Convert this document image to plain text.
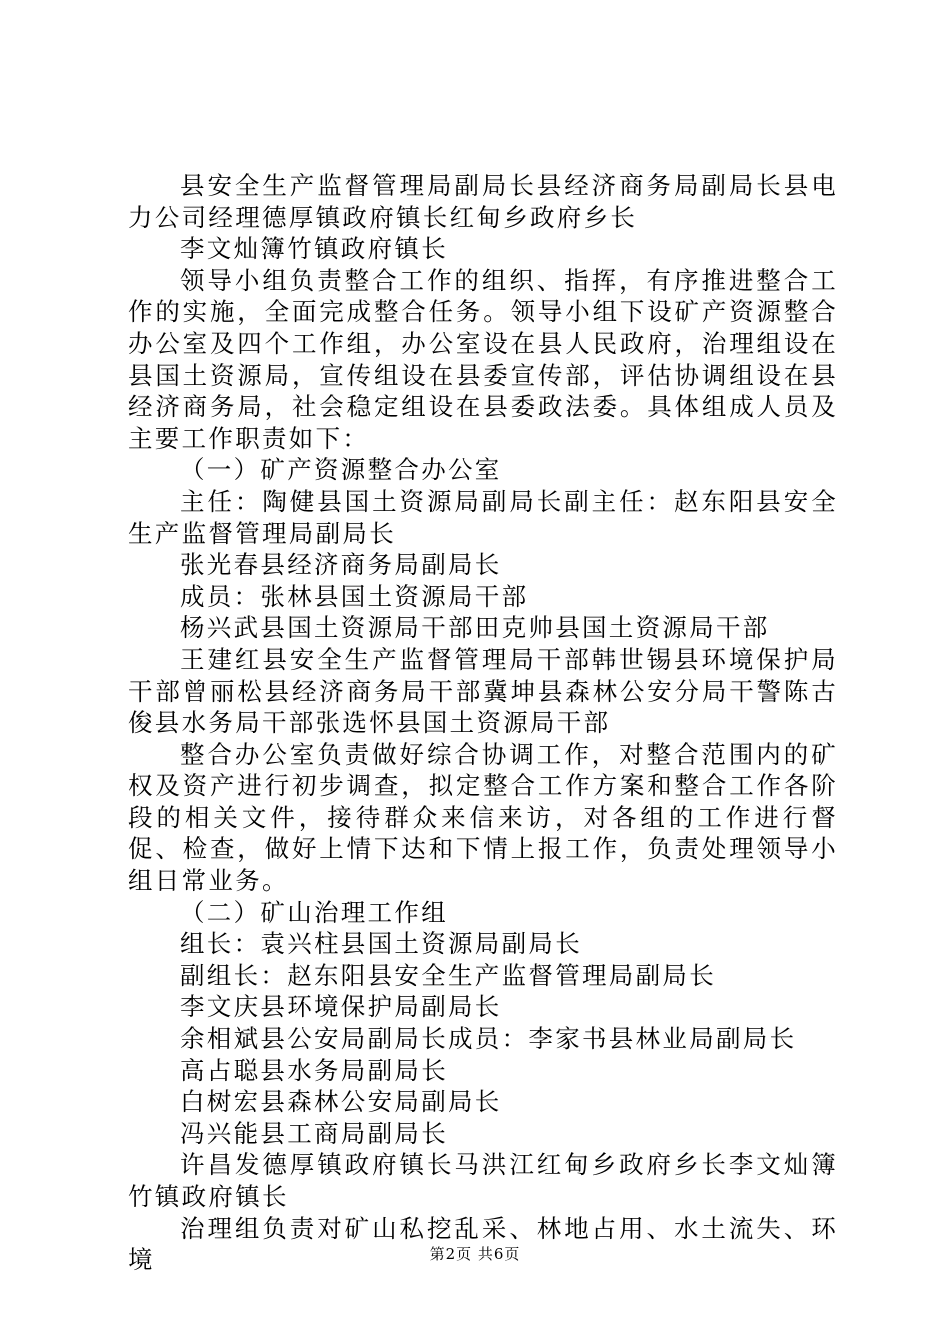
县安全生产监督管理局副局长县经济商务局副局长县电力公司经理德厚镇政府镇长红甸乡政府乡长

李文灿簿竹镇政府镇长

领导小组负责整合工作的组织、指挥，有序推进整合工作的实施，全面完成整合任务。领导小组下设矿产资源整合办公室及四个工作组，办公室设在县人民政府，治理组设在县国土资源局，宣传组设在县委宣传部，评估协调组设在县经济商务局，社会稳定组设在县委政法委。具体组成人员及主要工作职责如下：

（一）矿产资源整合办公室

主任：陶健县国土资源局副局长副主任：赵东阳县安全生产监督管理局副局长

张光春县经济商务局副局长

成员：张林县国土资源局干部

杨兴武县国土资源局干部田克帅县国土资源局干部

王建红县安全生产监督管理局干部韩世锡县环境保护局干部曾丽松县经济商务局干部冀坤县森林公安分局干警陈古俊县水务局干部张选怀县国土资源局干部

整合办公室负责做好综合协调工作，对整合范围内的矿权及资产进行初步调查，拟定整合工作方案和整合工作各阶段的相关文件，接待群众来信来访，对各组的工作进行督促、检查，做好上情下达和下情上报工作，负责处理领导小组日常业务。

（二）矿山治理工作组

组长：袁兴柱县国土资源局副局长

副组长：赵东阳县安全生产监督管理局副局长

李文庆县环境保护局副局长

余相斌县公安局副局长成员：李家书县林业局副局长

高占聪县水务局副局长

白树宏县森林公安局副局长

冯兴能县工商局副局长

许昌发德厚镇政府镇长马洪江红甸乡政府乡长李文灿簿竹镇政府镇长

治理组负责对矿山私挖乱采、林地占用、水土流失、环境	第2页 共6页
